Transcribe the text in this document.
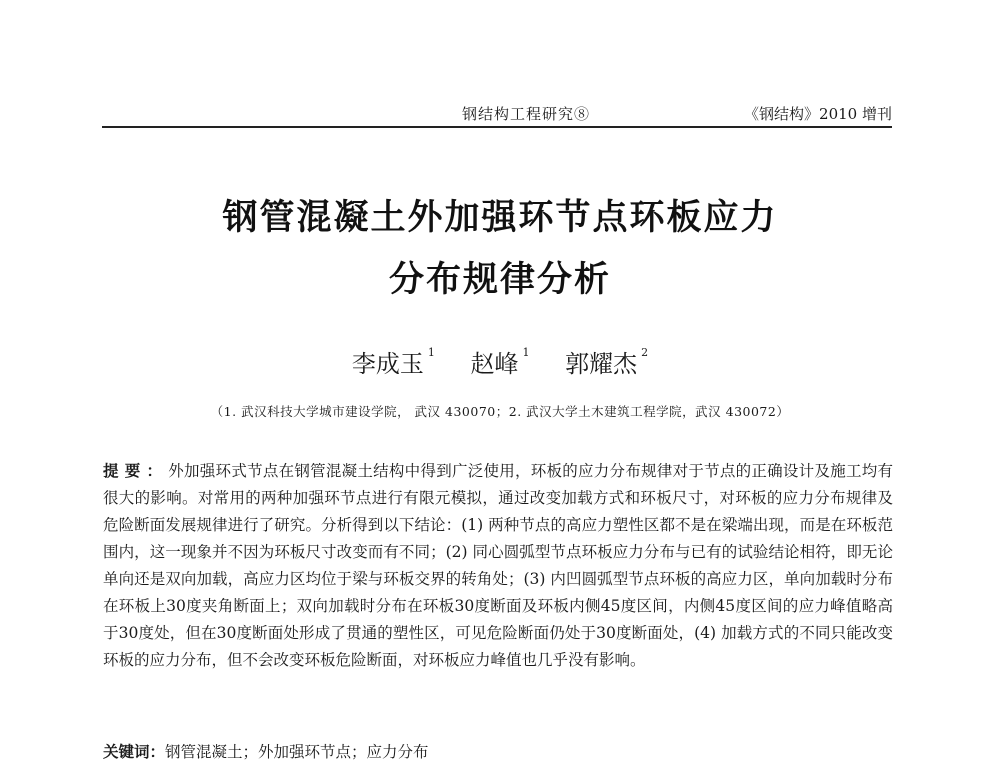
钢结构工程研究⑧	《钢结构》2010 增刊
钢管混凝土外加强环节点环板应力
分布规律分析
李成玉 $^1$ 赵峰 $^1$ 郭耀杰 $^2$
（1. 武汉科技大学城市建设学院， 武汉 430070；2. 武汉大学土木建筑工程学院，武汉 430072）
提要：外加强环式节点在钢管混凝土结构中得到广泛使用，环板的应力分布规律对于节点的正确设计及施工均有很大的影响。对常用的两种加强环节点进行有限元模拟，通过改变加载方式和环板尺寸，对环板的应力分布规律及危险断面发展规律进行了研究。分析得到以下结论：(1) 两种节点的高应力塑性区都不是在梁端出现，而是在环板范围内，这一现象并不因为环板尺寸改变而有不同；(2) 同心圆弧型节点环板应力分布与已有的试验结论相符，即无论单向还是双向加载，高应力区均位于梁与环板交界的转角处；(3) 内凹圆弧型节点环板的高应力区，单向加载时分布在环板上30度夹角断面上；双向加载时分布在环板30度断面及环板内侧45度区间，内侧45度区间的应力峰值略高于30度处，但在30度断面处形成了贯通的塑性区，可见危险断面仍处于30度断面处，(4) 加载方式的不同只能改变环板的应力分布，但不会改变环板危险断面，对环板应力峰值也几乎没有影响。
关键词：钢管混凝土；外加强环节点；应力分布
